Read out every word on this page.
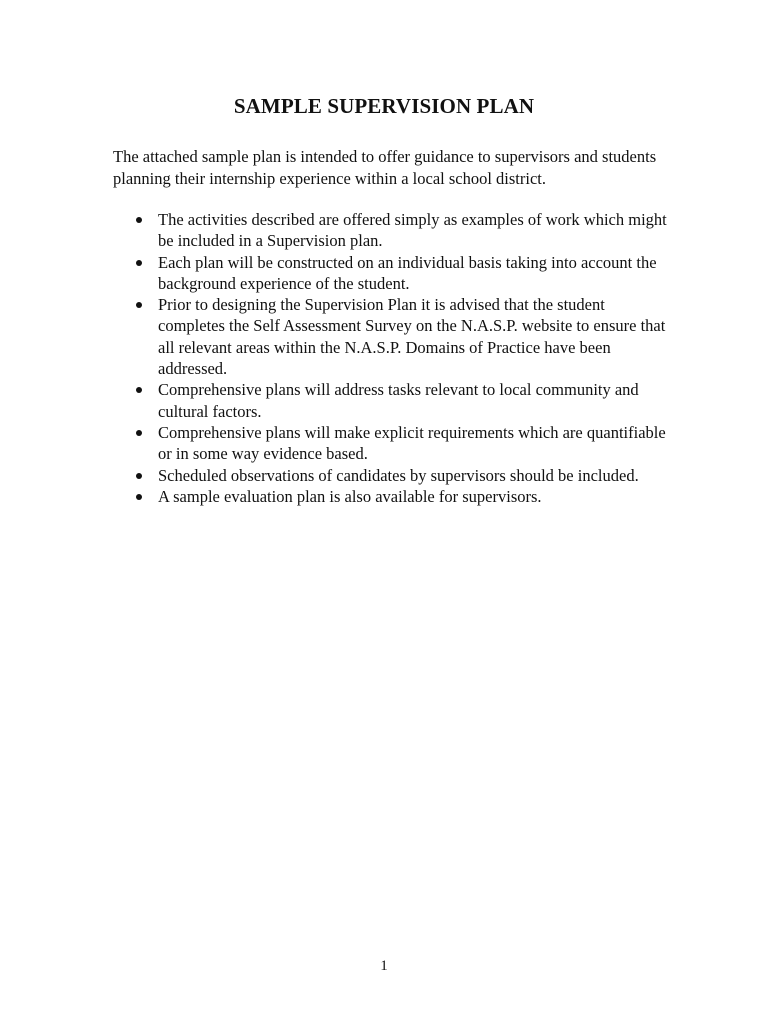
SAMPLE SUPERVISION PLAN

The attached sample plan is intended to offer guidance to supervisors and students planning their internship experience within a local school district.

The activities described are offered simply as examples of work which might be included in a Supervision plan.
Each plan will be constructed on an individual basis taking into account the background experience of the student.
Prior to designing the Supervision Plan it is advised that the student completes the Self Assessment Survey on the N.A.S.P. website to ensure that all relevant areas within the N.A.S.P. Domains of Practice have been addressed.
Comprehensive plans will address tasks relevant to local community and cultural factors.
Comprehensive plans will make explicit requirements which are quantifiable or in some way evidence based.
Scheduled observations of candidates by supervisors should be included.
A sample evaluation plan is also available for supervisors.
1
